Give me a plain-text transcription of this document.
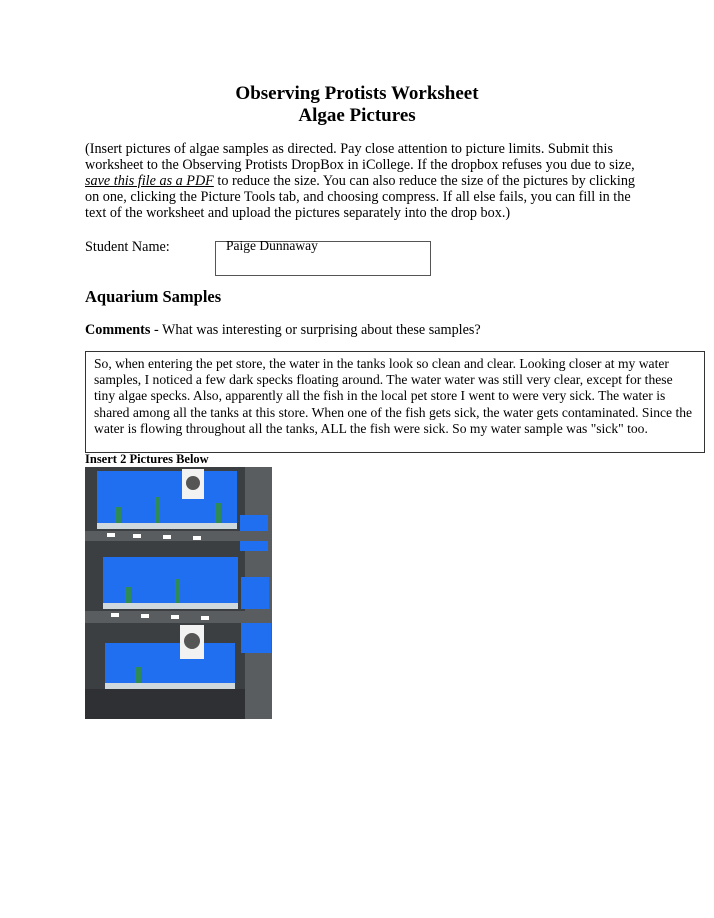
Observing Protists Worksheet
Algae Pictures
(Insert pictures of algae samples as directed. Pay close attention to picture limits. Submit this worksheet to the Observing Protists DropBox in iCollege. If the dropbox refuses you due to size, save this file as a PDF to reduce the size. You can also reduce the size of the pictures by clicking on one, clicking the Picture Tools tab, and choosing compress. If all else fails, you can fill in the text of the worksheet and upload the pictures separately into the drop box.)
Student Name:	Paige Dunnaway
Aquarium Samples
Comments - What was interesting or surprising about these samples?
So, when entering the pet store, the water in the tanks look so clean and clear. Looking closer at my water samples, I noticed a few dark specks floating around. The water water was still very clear, except for these tiny algae specks. Also, apparently all the fish in the local pet store I went to were very sick. The water is shared among all the tanks at this store. When one of the fish gets sick, the water gets contaminated. Since the water is flowing throughout all the tanks, ALL the fish were sick. So my water sample was "sick" too.
Insert 2 Pictures Below
